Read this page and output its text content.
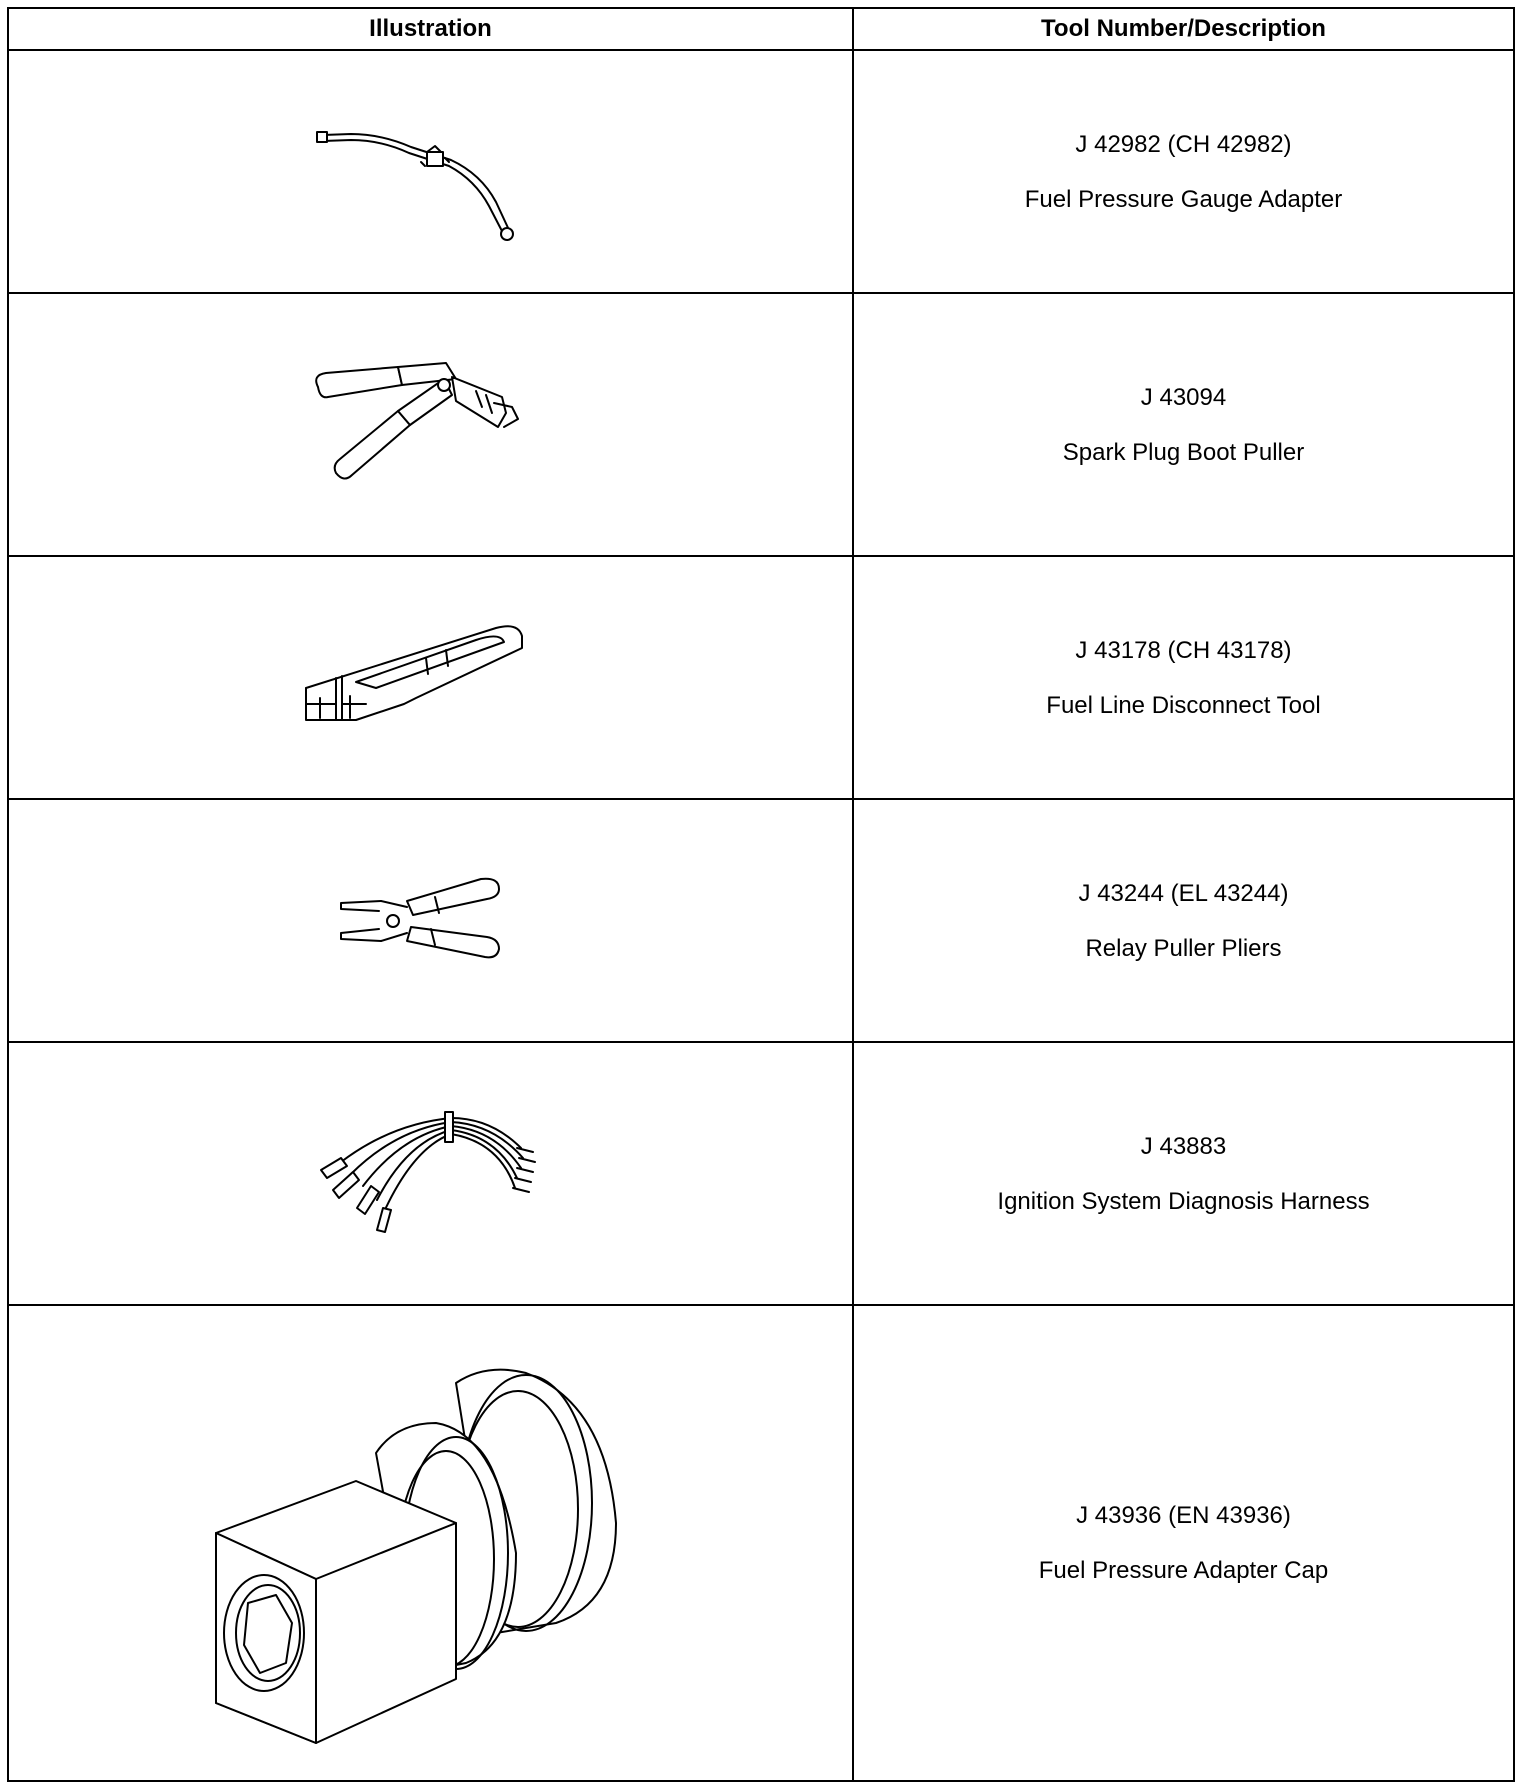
Illustration	Tool Number/Description

J 42982 (CH 42982)
Fuel Pressure Gauge Adapter

J 43094
Spark Plug Boot Puller

J 43178 (CH 43178)
Fuel Line Disconnect Tool

J 43244 (EL 43244)
Relay Puller Pliers

J 43883
Ignition System Diagnosis Harness

J 43936 (EN 43936)
Fuel Pressure Adapter Cap
